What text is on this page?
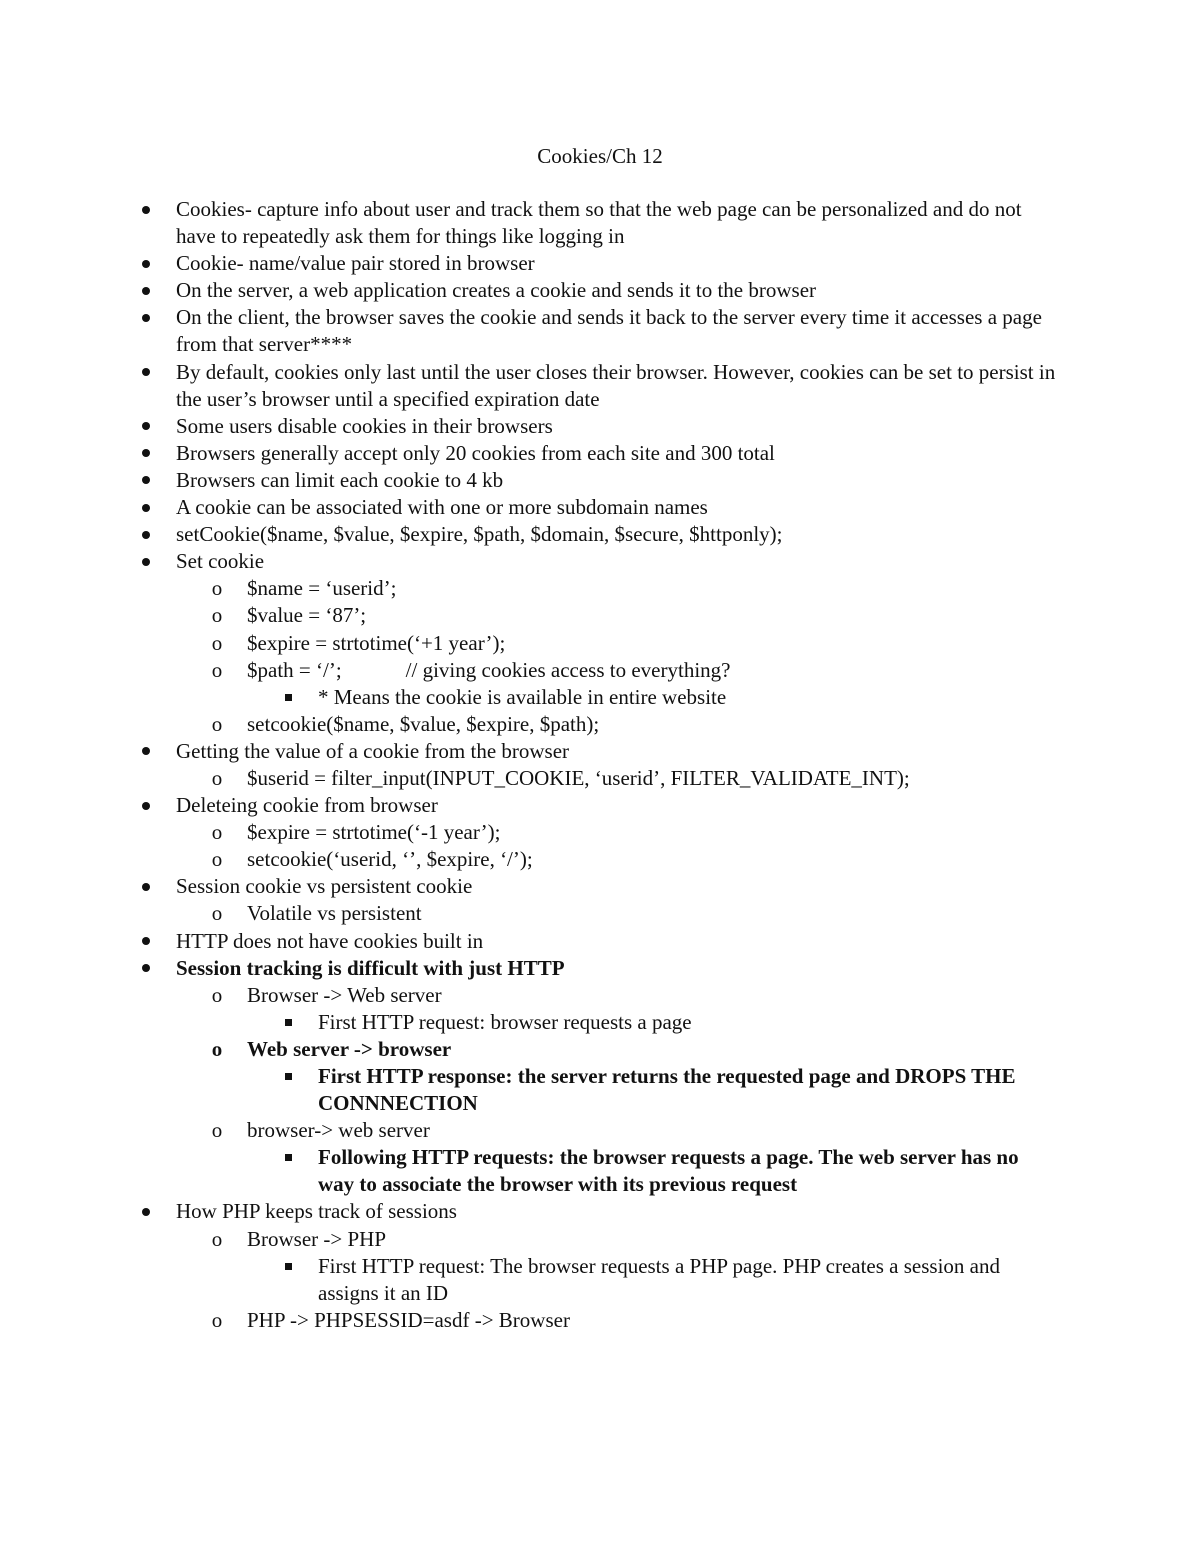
Cookies/Ch 12
Cookies- capture info about user and track them so that the web page can be personalized and do not have to repeatedly ask them for things like logging in
Cookie- name/value pair stored in browser
On the server, a web application creates a cookie and sends it to the browser
On the client, the browser saves the cookie and sends it back to the server every time it accesses a page from that server****
By default, cookies only last until the user closes their browser. However, cookies can be set to persist in the user’s browser until a specified expiration date
Some users disable cookies in their browsers
Browsers generally accept only 20 cookies from each site and 300 total
Browsers can limit each cookie to 4 kb
A cookie can be associated with one or more subdomain names
setCookie($name, $value, $expire, $path, $domain, $secure, $httponly);
Set cookie
o $name = ‘userid’;
o $value = ‘87’;
o $expire = strtotime(‘+1 year’);
o $path = ‘/’;	// giving cookies access to everything?
* Means the cookie is available in entire website
o setcookie($name, $value, $expire, $path);
Getting the value of a cookie from the browser
o $userid = filter_input(INPUT_COOKIE, ‘userid’, FILTER_VALIDATE_INT);
Deleteing cookie from browser
o $expire = strtotime(‘-1 year’);
o setcookie(‘userid, ‘’, $expire, ‘/’);
Session cookie vs persistent cookie
o Volatile vs persistent
HTTP does not have cookies built in
Session tracking is difficult with just HTTP
o Browser -> Web server
First HTTP request: browser requests a page
o Web server -> browser
First HTTP response: the server returns the requested page and DROPS THE CONNNECTION
o browser-> web server
Following HTTP requests: the browser requests a page. The web server has no way to associate the browser with its previous request
How PHP keeps track of sessions
o Browser -> PHP
First HTTP request: The browser requests a PHP page. PHP creates a session and assigns it an ID
o PHP -> PHPSESSID=asdf -> Browser
